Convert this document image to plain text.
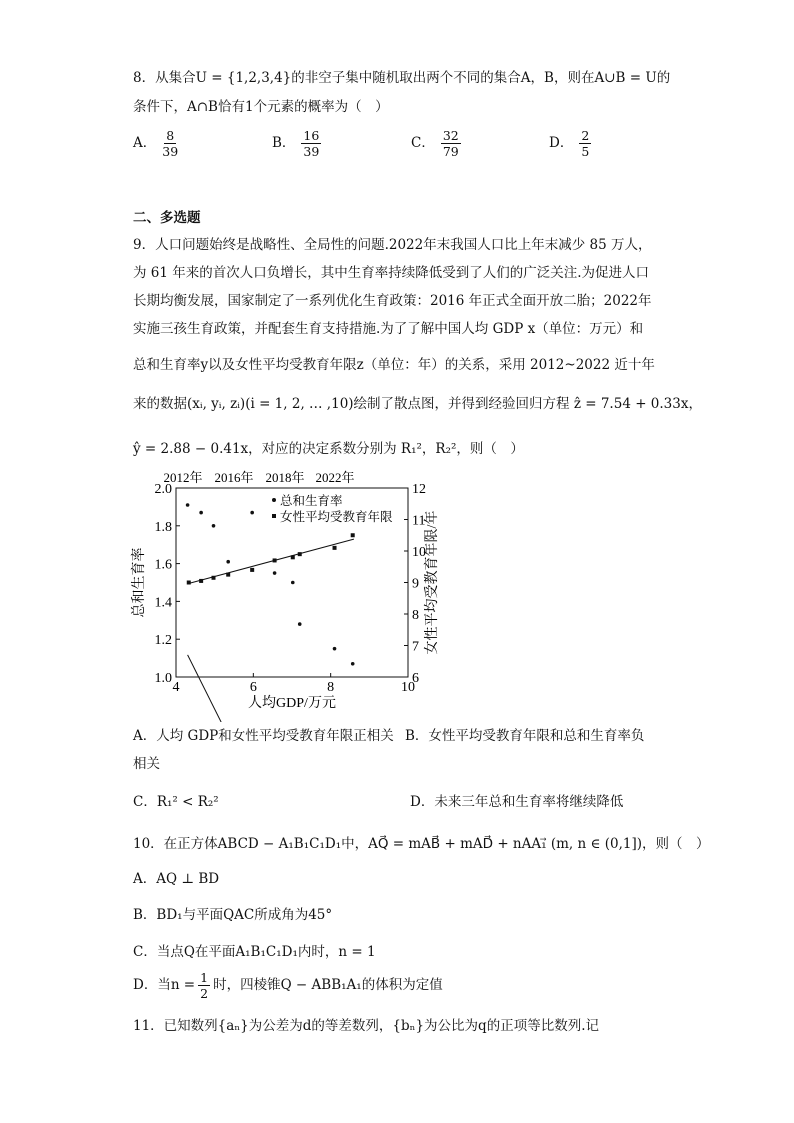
8．从集合U = {1,2,3,4}的非空子集中随机取出两个不同的集合A，B，则在A∪B = U的
条件下，A∩B恰有1个元素的概率为（　）
A． $\frac{8}{39}$	B． $\frac{16}{39}$	C． $\frac{32}{79}$	D． $\frac{2}{5}$
二、多选题
9．人口问题始终是战略性、全局性的问题.2022年末我国人口比上年末减少 85 万人，
为 61 年来的首次人口负增长，其中生育率持续降低受到了人们的广泛关注.为促进人口
长期均衡发展，国家制定了一系列优化生育政策：2016 年正式全面开放二胎；2022年
实施三孩生育政策，并配套生育支持措施.为了了解中国人均 GDP x（单位：万元）和
总和生育率y以及女性平均受教育年限z（单位：年）的关系，采用 2012~2022 近十年
来的数据(xᵢ, yᵢ, zᵢ)(i = 1, 2, … ,10)绘制了散点图，并得到经验回归方程 ẑ = 7.54 + 0.33x，
ŷ = 2.88 − 0.41x，对应的决定系数分别为 R₁²，R₂²，则（　）
4	6	8	10
1.0
1.2
1.4
1.6
1.8
2.0
6
7
8
9
10
11
12
2012年 2016年 2018年 2022年
人均GDP/万元
总和生育率	女性平均受教育年限/年
总和生育率
女性平均受教育年限
A．人均 GDP和女性平均受教育年限正相关 B．女性平均受教育年限和总和生育率负
相关
C．R₁² < R₂²	D．未来三年总和生育率将继续降低
10．在正方体ABCD − A₁B₁C₁D₁中，AQ⃗ = mAB⃗ + mAD⃗ + nAA₁⃗ (m, n ∈ (0,1])，则（　）
A．AQ ⊥ BD
B．BD₁与平面QAC所成角为45°
C．当点Q在平面A₁B₁C₁D₁内时，n = 1
D．当$n = \frac{1}{2}$ 时，四棱锥Q − ABB₁A₁的体积为定值
11．已知数列{aₙ}为公差为d的等差数列，{bₙ}为公比为q的正项等比数列.记
